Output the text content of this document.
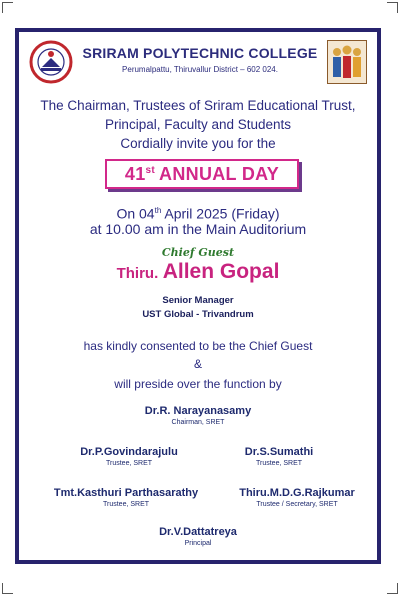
SRIRAM POLYTECHNIC COLLEGE
Perumalpattu, Thiruvallur District – 602 024.
The Chairman, Trustees of Sriram Educational Trust,
Principal, Faculty and Students
Cordially invite you for the
41st ANNUAL DAY
On 04th April 2025 (Friday)
at 10.00 am in the Main Auditorium
Chief Guest
Thiru. Allen Gopal
Senior Manager
UST Global - Trivandrum
has kindly consented to be the Chief Guest
&
will preside over the function by
Dr.R. Narayanasamy
Chairman, SRET
Dr.P.Govindarajulu
Trustee, SRET
Dr.S.Sumathi
Trustee, SRET
Tmt.Kasthuri Parthasarathy
Trustee, SRET
Thiru.M.D.G.Rajkumar
Trustee / Secretary, SRET
Dr.V.Dattatreya
Principal
